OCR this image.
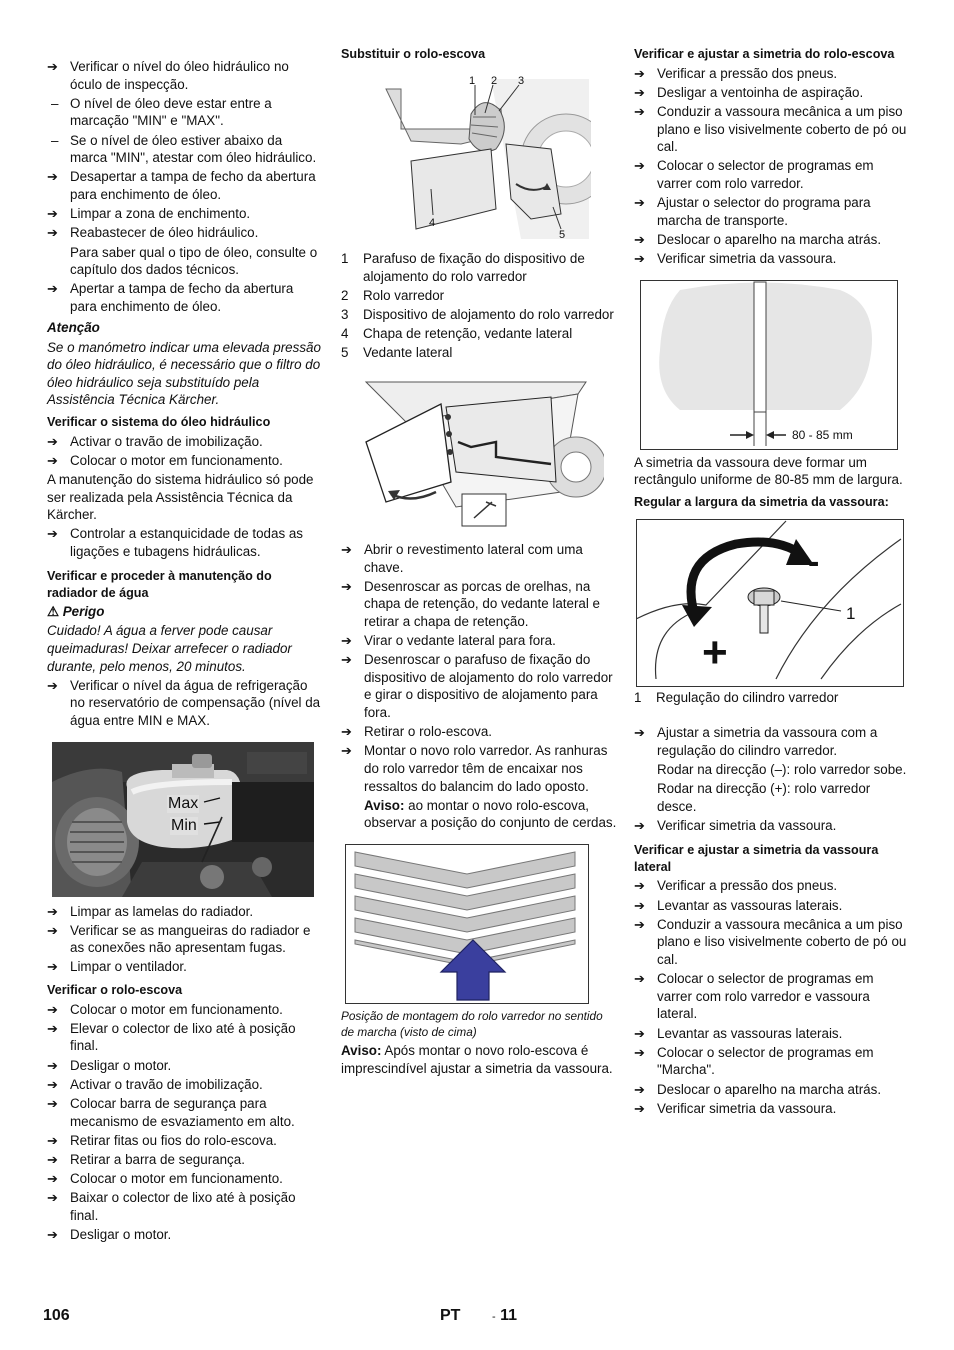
➔ Verificar o nível do óleo hidráulico no óculo de inspecção.
– O nível de óleo deve estar entre a marcação "MIN" e "MAX".
– Se o nível de óleo estiver abaixo da marca "MIN", atestar com óleo hidráulico.
➔ Desapertar a tampa de fecho da abertura para enchimento de óleo.
➔ Limpar a zona de enchimento.
➔ Reabastecer de óleo hidráulico.
Para saber qual o tipo de óleo, consulte o capítulo dos dados técnicos.
➔ Apertar a tampa de fecho da abertura para enchimento de óleo.
Atenção
Se o manómetro indicar uma elevada pressão do óleo hidráulico, é necessário que o filtro do óleo hidráulico seja substituído pela Assistência Técnica Kärcher.
Verificar o sistema do óleo hidráulico
➔ Activar o travão de imobilização.
➔ Colocar o motor em funcionamento.
A manutenção do sistema hidráulico só pode ser realizada pela Assistência Técnica da Kärcher.
➔ Controlar a estanquicidade de todas as ligações e tubagens hidráulicas.
Verificar e proceder à manutenção do radiador de água
⚠ Perigo
Cuidado! A água a ferver pode causar queimaduras! Deixar arrefecer o radiador durante, pelo menos, 20 minutos.
➔ Verificar o nível da água de refrigeração no reservatório de compensação (nível da água entre MIN e MAX.
Max
Min
➔ Limpar as lamelas do radiador.
➔ Verificar se as mangueiras do radiador e as conexões não apresentam fugas.
➔ Limpar o ventilador.
Verificar o rolo-escova
➔ Colocar o motor em funcionamento.
➔ Elevar o colector de lixo até à posição final.
➔ Desligar o motor.
➔ Activar o travão de imobilização.
➔ Colocar barra de segurança para mecanismo de esvaziamento em alto.
➔ Retirar fitas ou fios do rolo-escova.
➔ Retirar a barra de segurança.
➔ Colocar o motor em funcionamento.
➔ Baixar o colector de lixo até à posição final.
➔ Desligar o motor.
Substituir o rolo-escova
1 2 3
4
5
1 Parafuso de fixação do dispositivo de alojamento do rolo varredor
2 Rolo varredor
3 Dispositivo de alojamento do rolo varredor
4 Chapa de retenção, vedante lateral
5 Vedante lateral
➔ Abrir o revestimento lateral com uma chave.
➔ Desenroscar as porcas de orelhas, na chapa de retenção, do vedante lateral e retirar a chapa de retenção.
➔ Virar o vedante lateral para fora.
➔ Desenroscar o parafuso de fixação do dispositivo de alojamento do rolo varredor e girar o dispositivo de alojamento para fora.
➔ Retirar o rolo-escova.
➔ Montar o novo rolo varredor. As ranhuras do rolo varredor têm de encaixar nos ressaltos do balancim do lado oposto.
Aviso: ao montar o novo rolo-escova, observar a posição do conjunto de cerdas.
Posição de montagem do rolo varredor no sentido de marcha (visto de cima)
Aviso: Após montar o novo rolo-escova é imprescindível ajustar a simetria da vassoura.
Verificar e ajustar a simetria do rolo-escova
➔ Verificar a pressão dos pneus.
➔ Desligar a ventoinha de aspiração.
➔ Conduzir a vassoura mecânica a um piso plano e liso visivelmente coberto de pó ou cal.
➔ Colocar o selector de programas em varrer com rolo varredor.
➔ Ajustar o selector do programa para marcha de transporte.
➔ Deslocar o aparelho na marcha atrás.
➔ Verificar simetria da vassoura.
80 - 85 mm
A simetria da vassoura deve formar um rectângulo uniforme de 80-85 mm de largura.
Regular a largura da simetria da vassoura:
-
+
1
1 Regulação do cilindro varredor
➔ Ajustar a simetria da vassoura com a regulação do cilindro varredor.
Rodar na direcção (–): rolo varredor sobe.
Rodar na direcção (+): rolo varredor desce.
➔ Verificar simetria da vassoura.
Verificar e ajustar a simetria da vassoura lateral
➔ Verificar a pressão dos pneus.
➔ Levantar as vassouras laterais.
➔ Conduzir a vassoura mecânica a um piso plano e liso visivelmente coberto de pó ou cal.
➔ Colocar o selector de programas em varrer com rolo varredor e vassoura lateral.
➔ Levantar as vassouras laterais.
➔ Colocar o selector de programas em "Marcha".
➔ Deslocar o aparelho na marcha atrás.
➔ Verificar simetria da vassoura.
106	PT	- 11
